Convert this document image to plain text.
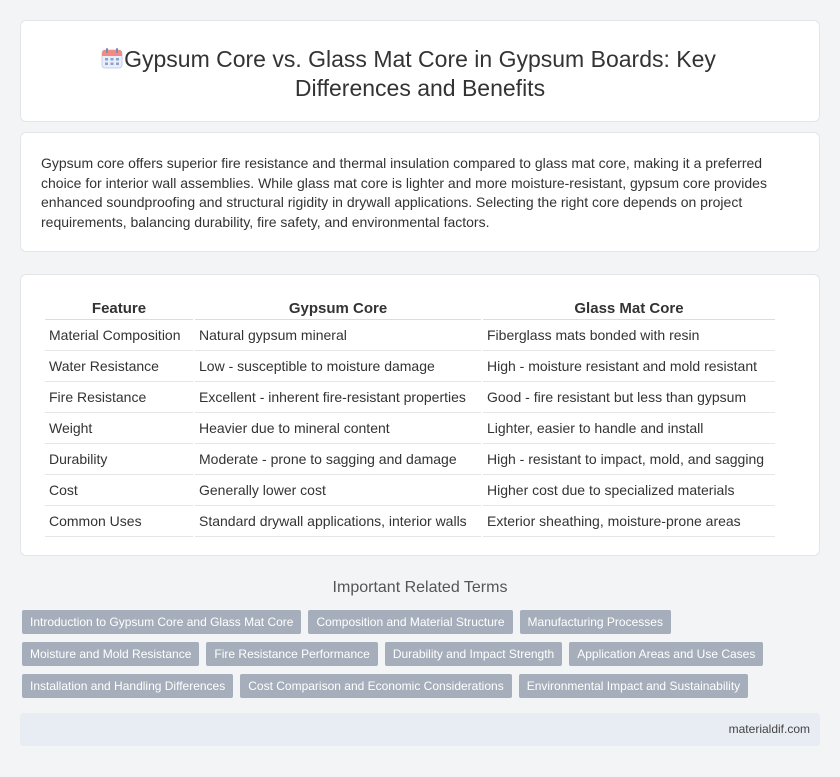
Gypsum Core vs. Glass Mat Core in Gypsum Boards: Key Differences and Benefits

Gypsum core offers superior fire resistance and thermal insulation compared to glass mat core, making it a preferred choice for interior wall assemblies. While glass mat core is lighter and more moisture-resistant, gypsum core provides enhanced soundproofing and structural rigidity in drywall applications. Selecting the right core depends on project requirements, balancing durability, fire safety, and environmental factors.

Feature	Gypsum Core	Glass Mat Core
Material Composition	Natural gypsum mineral	Fiberglass mats bonded with resin
Water Resistance	Low - susceptible to moisture damage	High - moisture resistant and mold resistant
Fire Resistance	Excellent - inherent fire-resistant properties	Good - fire resistant but less than gypsum
Weight	Heavier due to mineral content	Lighter, easier to handle and install
Durability	Moderate - prone to sagging and damage	High - resistant to impact, mold, and sagging
Cost	Generally lower cost	Higher cost due to specialized materials
Common Uses	Standard drywall applications, interior walls	Exterior sheathing, moisture-prone areas
Important Related Terms
Introduction to Gypsum Core and Glass Mat Core	Composition and Material Structure	Manufacturing Processes
Moisture and Mold Resistance	Fire Resistance Performance	Durability and Impact Strength	Application Areas and Use Cases
Installation and Handling Differences	Cost Comparison and Economic Considerations	Environmental Impact and Sustainability
materialdif.com
